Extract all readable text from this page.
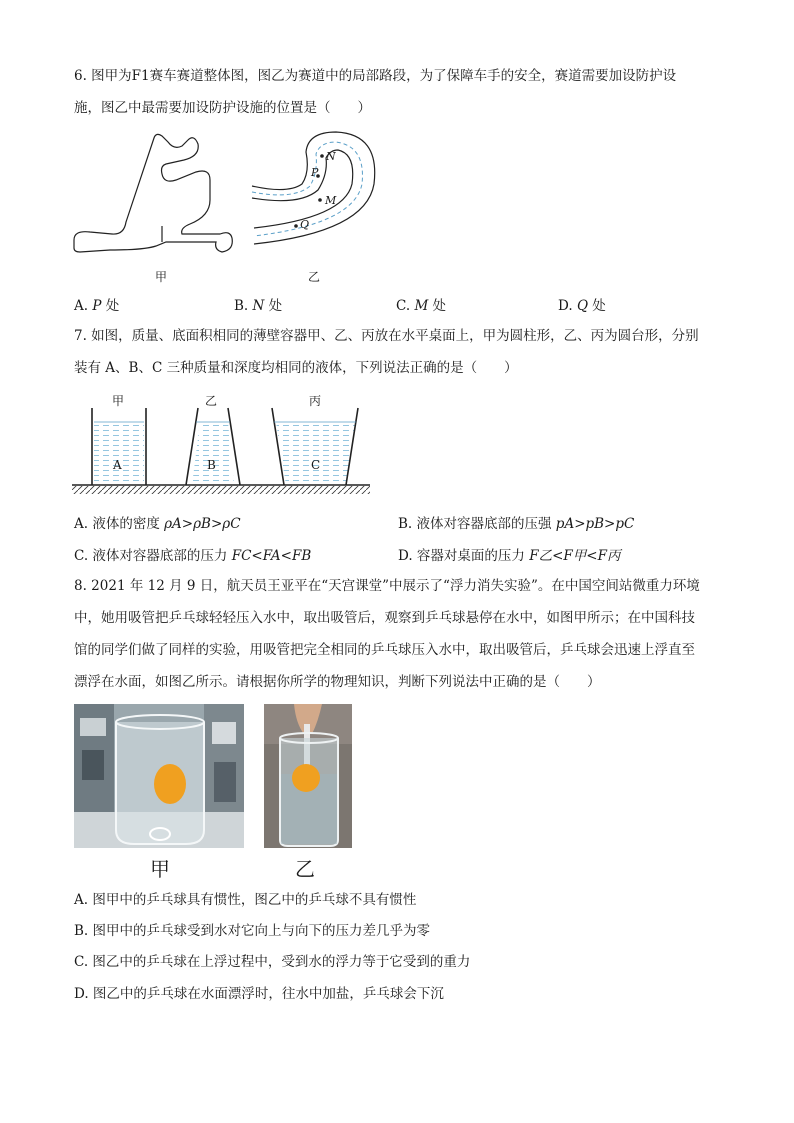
6. 图甲为F1赛车赛道整体图，图乙为赛道中的局部路段，为了保障车手的安全，赛道需要加设防护设
施，图乙中最需要加设防护设施的位置是（　　）
甲
N
P
M
Q
乙
A. P 处	B. N 处	C. M 处	D. Q 处
7. 如图，质量、底面积相同的薄壁容器甲、乙、丙放在水平桌面上，甲为圆柱形，乙、丙为圆台形，分别
装有 A、B、C 三种质量和深度均相同的液体，下列说法正确的是（　　）
甲	乙	丙
A	B	C
A. 液体的密度 ρA>ρB>ρC	B. 液体对容器底部的压强 pA>pB>pC
C. 液体对容器底部的压力 FC<FA<FB	D. 容器对桌面的压力 F乙<F甲<F丙
8. 2021 年 12 月 9 日，航天员王亚平在“天宫课堂”中展示了“浮力消失实验”。在中国空间站微重力环境
中，她用吸管把乒乓球轻轻压入水中，取出吸管后，观察到乒乓球悬停在水中，如图甲所示；在中国科技
馆的同学们做了同样的实验，用吸管把完全相同的乒乓球压入水中，取出吸管后，乒乓球会迅速上浮直至
漂浮在水面，如图乙所示。请根据你所学的物理知识，判断下列说法中正确的是（　　）
甲	乙
A. 图甲中的乒乓球具有惯性，图乙中的乒乓球不具有惯性
B. 图甲中的乒乓球受到水对它向上与向下的压力差几乎为零
C. 图乙中的乒乓球在上浮过程中，受到水的浮力等于它受到的重力
D. 图乙中的乒乓球在水面漂浮时，往水中加盐，乒乓球会下沉
